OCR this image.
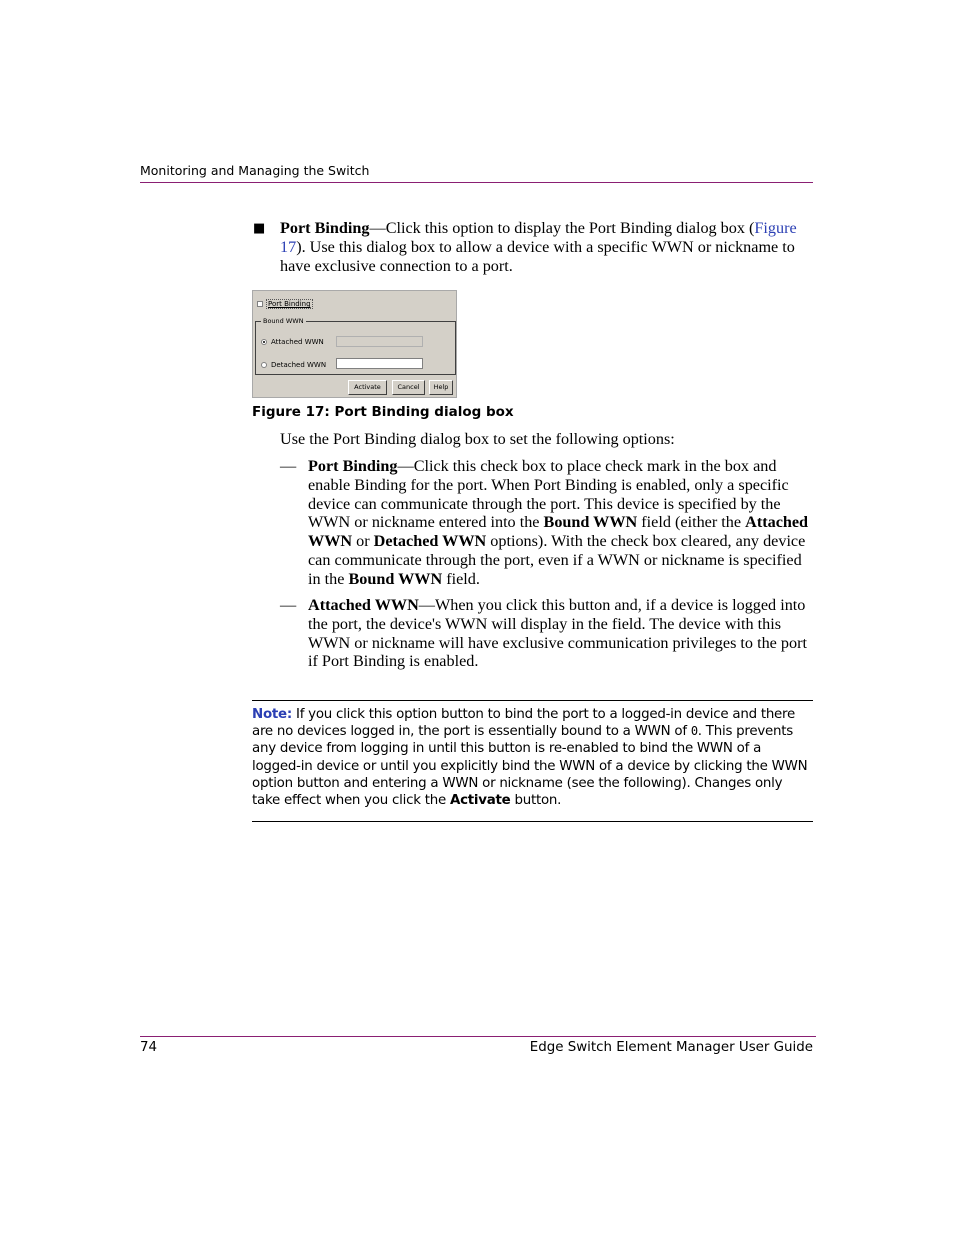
Monitoring and Managing the Switch
■ Port Binding—Click this option to display the Port Binding dialog box (Figure 17). Use this dialog box to allow a device with a specific WWN or nickname to have exclusive connection to a port.
Port Binding
Bound WWN
Attached WWN
Detached WWN
Activate	Cancel	Help
Figure 17: Port Binding dialog box
Use the Port Binding dialog box to set the following options:
— Port Binding—Click this check box to place check mark in the box and enable Binding for the port. When Port Binding is enabled, only a specific device can communicate through the port. This device is specified by the WWN or nickname entered into the Bound WWN field (either the Attached WWN or Detached WWN options). With the check box cleared, any device can communicate through the port, even if a WWN or nickname is specified in the Bound WWN field.
— Attached WWN—When you click this button and, if a device is logged into the port, the device's WWN will display in the field. The device with this WWN or nickname will have exclusive communication privileges to the port if Port Binding is enabled.
Note: If you click this option button to bind the port to a logged-in device and there are no devices logged in, the port is essentially bound to a WWN of 0. This prevents any device from logging in until this button is re-enabled to bind the WWN of a logged-in device or until you explicitly bind the WWN of a device by clicking the WWN option button and entering a WWN or nickname (see the following). Changes only take effect when you click the Activate button.
74	Edge Switch Element Manager User Guide
